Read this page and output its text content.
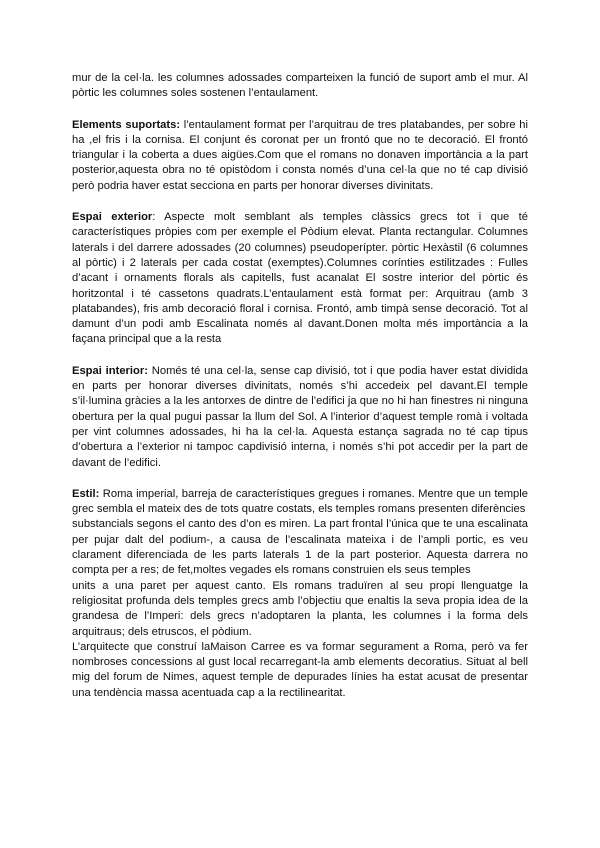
mur de la cel·la. les columnes adossades comparteixen la funció de suport amb el mur. Al pòrtic les columnes soles sostenen l’entaulament.

Elements suportats: l’entaulament format per l’arquitrau de tres platabandes, per sobre hi ha ,el fris i la cornisa. El conjunt és coronat per un frontó que no te decoració. El frontó triangular i la coberta a dues aigües.Com que el romans no donaven importància a la part posterior,aquesta obra no té opistòdom i consta només d’una cel·la que no té cap divisió però podria haver estat secciona en parts per honorar diverses divinitats.

Espai exterior: Aspecte molt semblant als temples clàssics grecs tot i que té característiques pròpies com per exemple el Pòdium elevat. Planta rectangular. Columnes laterals i del darrere adossades (20 columnes) pseudoperípter. pòrtic Hexàstil (6 columnes al pòrtic) i 2 laterals per cada costat (exemptes).Columnes corínties estilitzades : Fulles d’acant i ornaments florals als capitells, fust acanalat El sostre interior del pòrtic és horitzontal i té cassetons quadrats.L’entaulament està format per: Arquitrau (amb 3 platabandes), fris amb decoració floral i cornisa. Frontó, amb timpà sense decoració. Tot al damunt d’un podi amb Escalinata només al davant.Donen molta més importància a la façana principal que a la resta

Espai interior: Només té una cel·la, sense cap divisió, tot i que podia haver estat dividida en parts per honorar diverses divinitats, només s’hi accedeix pel davant.El temple s’il·lumina gràcies a la les antorxes de dintre de l’edifici ja que no hi han finestres ni ninguna obertura per la qual pugui passar la llum del Sol. A l’interior d’aquest temple romà i voltada per vint columnes adossades, hi ha la cel·la. Aquesta estança sagrada no té cap tipus d’obertura a l’exterior ni tampoc capdivisió interna, i només s’hi pot accedir per la part de davant de l’edifici.

Estil: Roma imperial, barreja de característiques gregues i romanes. Mentre que un temple grec sembla el mateix des de tots quatre costats, els temples romans presenten diferències

substancials segons el canto des d’on es miren. La part frontal l’única que te una escalinata per pujar dalt del podium-, a causa de l’escalinata mateixa i de l’ampli portic, es veu clarament diferenciada de les parts laterals 1 de la part posterior. Aquesta darrera no compta per a res; de fet,moltes vegades els romans construien els seus temples

units a una paret per aquest canto. Els romans traduïren al seu propi llenguatge la religiositat profunda dels temples grecs amb l’objectiu que enaltis la seva propia idea de la grandesa de l’Imperi: dels grecs n’adoptaren la planta, les columnes i la forma dels arquitraus; dels etruscos, el pòdium.

L’arquitecte que construí laMaison Carree es va formar segurament a Roma, però va fer nombroses concessions al gust local recarregant-la amb elements decoratius. Situat al bell mig del forum de Nimes, aquest temple de depurades línies ha estat acusat de presentar una tendència massa acentuada cap a la rectilinearitat.
